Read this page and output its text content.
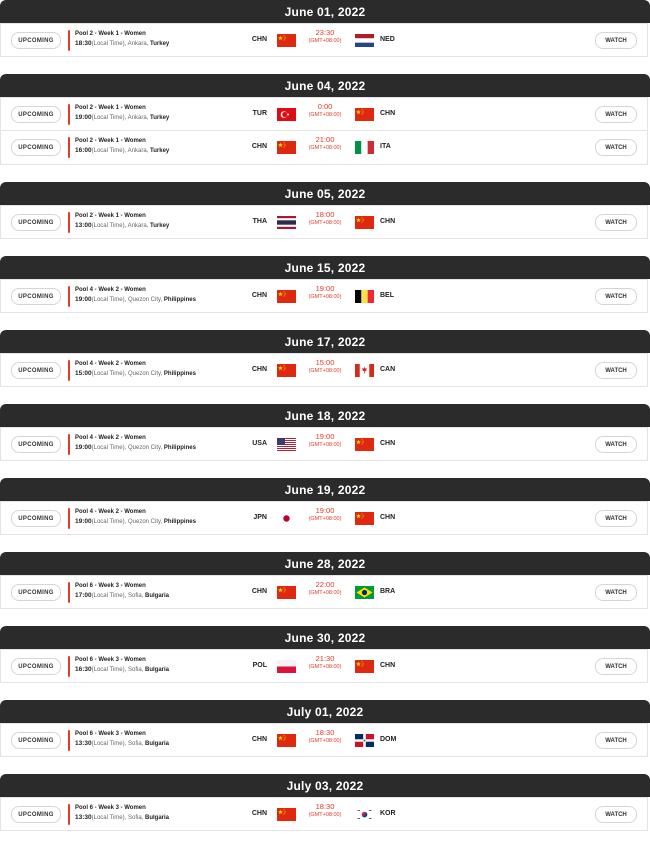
June 01, 2022
UPCOMING
Pool 2 - Week 1 - Women
18:30(Local Time), Ankara, Turkey
CHN
23:30
(GMT+08:00)	NED	WATCH
June 04, 2022
UPCOMING
Pool 2 - Week 1 - Women
19:00(Local Time), Ankara, Turkey
TUR
0:00
(GMT+08:00)	CHN	WATCH
UPCOMING
Pool 2 - Week 1 - Women
16:00(Local Time), Ankara, Turkey
CHN
21:00
(GMT+08:00)	ITA	WATCH
June 05, 2022
UPCOMING
Pool 2 - Week 1 - Women
13:00(Local Time), Ankara, Turkey
THA
18:00
(GMT+08:00)	CHN	WATCH
June 15, 2022
UPCOMING
Pool 4 - Week 2 - Women
19:00(Local Time), Quezon City, Philippines
CHN
19:00
(GMT+08:00)	BEL	WATCH
June 17, 2022
UPCOMING
Pool 4 - Week 2 - Women
15:00(Local Time), Quezon City, Philippines
CHN
15:00
(GMT+08:00)	CAN	WATCH
June 18, 2022
UPCOMING
Pool 4 - Week 2 - Women
19:00(Local Time), Quezon City, Philippines
USA
19:00
(GMT+08:00)	CHN	WATCH
June 19, 2022
UPCOMING
Pool 4 - Week 2 - Women
19:00(Local Time), Quezon City, Philippines
JPN
19:00
(GMT+08:00)	CHN	WATCH
June 28, 2022
UPCOMING
Pool 6 - Week 3 - Women
17:00(Local Time), Sofia, Bulgaria
CHN
22:00
(GMT+08:00)	BRA	WATCH
June 30, 2022
UPCOMING
Pool 6 - Week 3 - Women
16:30(Local Time), Sofia, Bulgaria
POL
21:30
(GMT+08:00)	CHN	WATCH
July 01, 2022
UPCOMING
Pool 6 - Week 3 - Women
13:30(Local Time), Sofia, Bulgaria
CHN
18:30
(GMT+08:00)	DOM	WATCH
July 03, 2022
UPCOMING
Pool 6 - Week 3 - Women
13:30(Local Time), Sofia, Bulgaria
CHN
18:30
(GMT+08:00)	KOR	WATCH
